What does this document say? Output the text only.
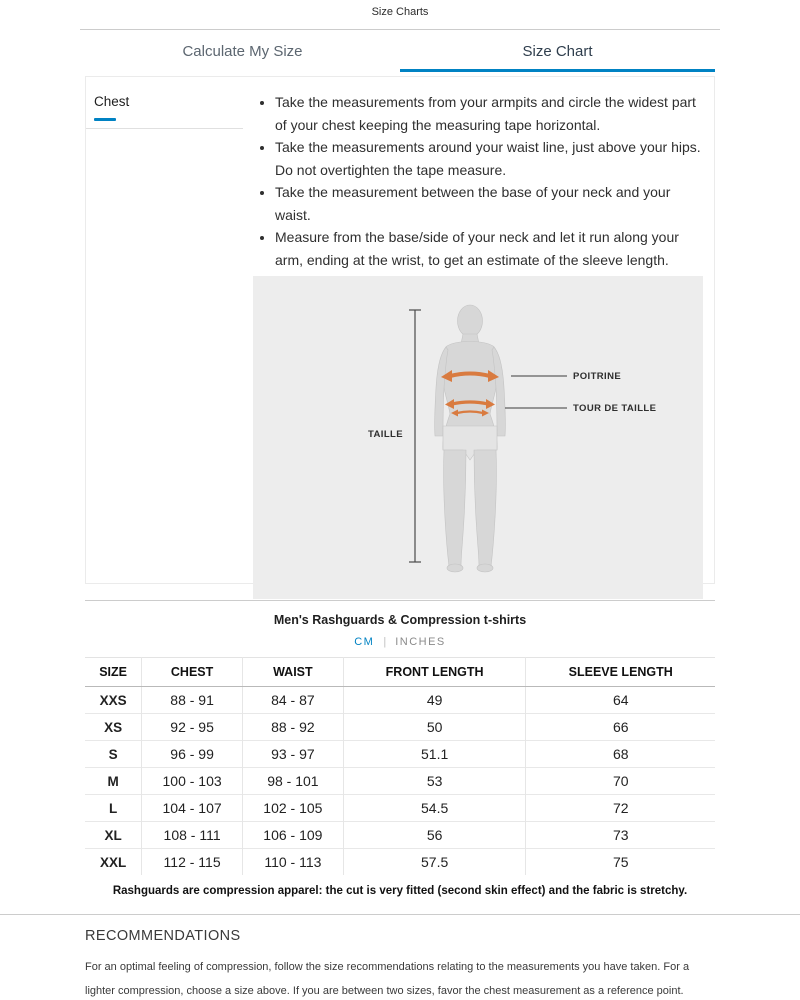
Size Charts
Calculate My Size	Size Chart
Chest	• Take the measurements from your armpits and circle the widest part of your chest keeping the measuring tape horizontal.
• Take the measurements around your waist line, just above your hips. Do not overtighten the tape measure.
• Take the measurement between the base of your neck and your waist.
• Measure from the base/side of your neck and let it run along your arm, ending at the wrist, to get an estimate of the sleeve length.
POITRINE
TOUR DE TAILLE
TAILLE
Men's Rashguards & Compression t-shirts
CM | INCHES
SIZE	CHEST	WAIST	FRONT LENGTH	SLEEVE LENGTH
XXS	88 - 91	84 - 87	49	64
XS	92 - 95	88 - 92	50	66
S	96 - 99	93 - 97	51.1	68
M	100 - 103	98 - 101	53	70
L	104 - 107	102 - 105	54.5	72
XL	108 - 111	106 - 109	56	73
XXL	112 - 115	110 - 113	57.5	75

Rashguards are compression apparel: the cut is very fitted (second skin effect) and the fabric is stretchy.

RECOMMENDATIONS

For an optimal feeling of compression, follow the size recommendations relating to the measurements you have taken. For a lighter compression, choose a size above. If you are between two sizes, favor the chest measurement as a reference point.
